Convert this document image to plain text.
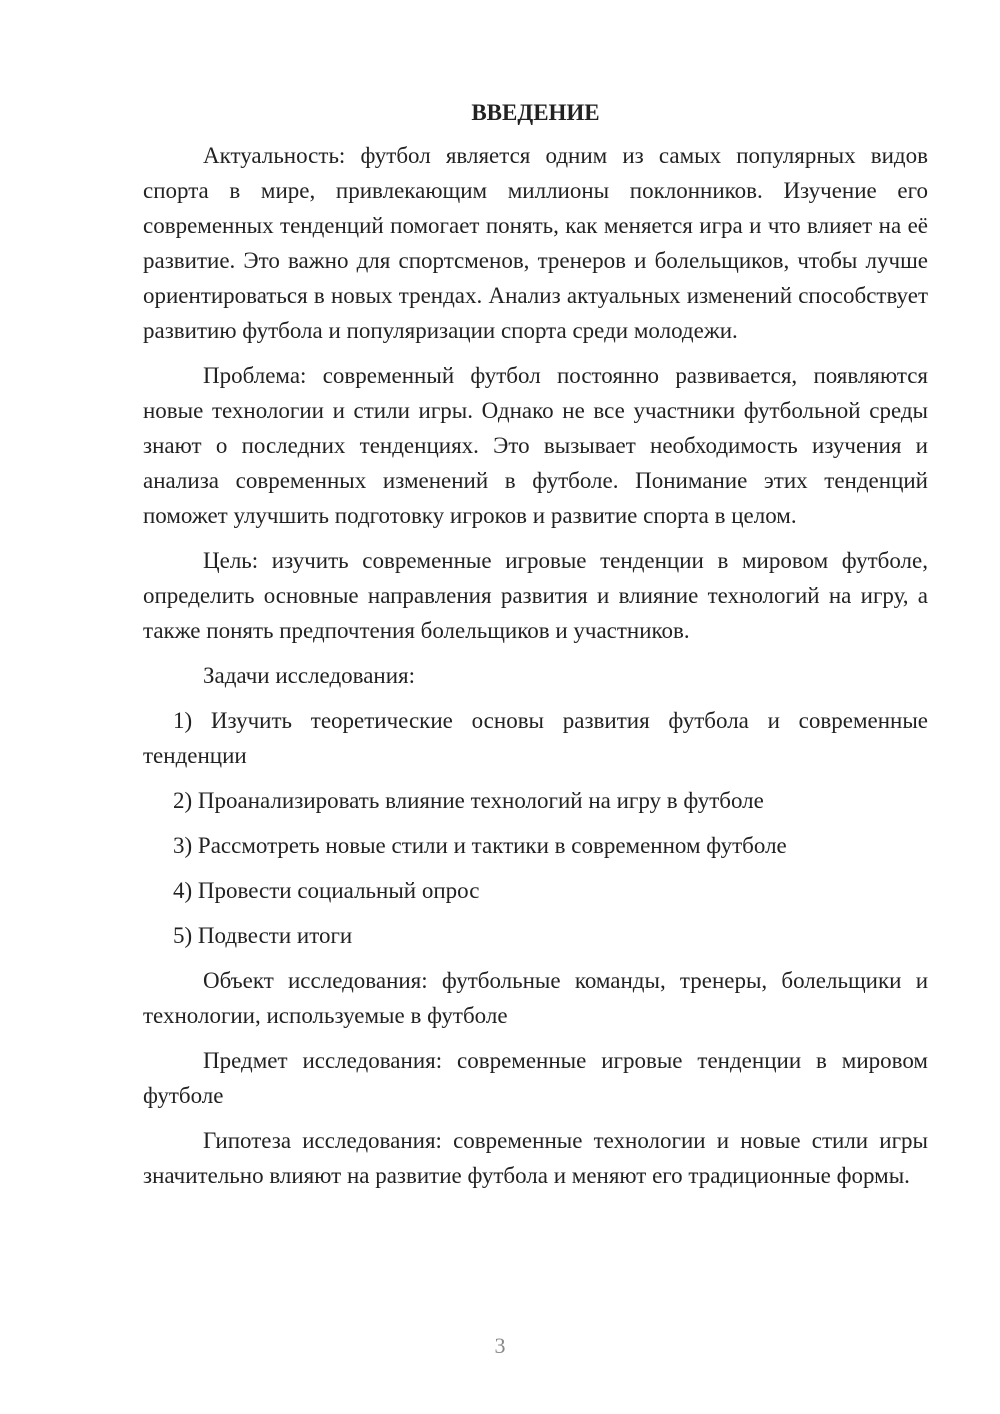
ВВЕДЕНИЕ

Актуальность: футбол является одним из самых популярных видов спорта в мире, привлекающим миллионы поклонников. Изучение его современных тенденций помогает понять, как меняется игра и что влияет на её развитие. Это важно для спортсменов, тренеров и болельщиков, чтобы лучше ориентироваться в новых трендах. Анализ актуальных изменений способствует развитию футбола и популяризации спорта среди молодежи.

Проблема: современный футбол постоянно развивается, появляются новые технологии и стили игры. Однако не все участники футбольной среды знают о последних тенденциях. Это вызывает необходимость изучения и анализа современных изменений в футболе. Понимание этих тенденций поможет улучшить подготовку игроков и развитие спорта в целом.

Цель: изучить современные игровые тенденции в мировом футболе, определить основные направления развития и влияние технологий на игру, а также понять предпочтения болельщиков и участников.

Задачи исследования:

1) Изучить теоретические основы развития футбола и современные тенденции

2) Проанализировать влияние технологий на игру в футболе

3) Рассмотреть новые стили и тактики в современном футболе

4) Провести социальный опрос

5) Подвести итоги

Объект исследования: футбольные команды, тренеры, болельщики и технологии, используемые в футболе

Предмет исследования: современные игровые тенденции в мировом футболе

Гипотеза исследования: современные технологии и новые стили игры значительно влияют на развитие футбола и меняют его традиционные формы.

3
